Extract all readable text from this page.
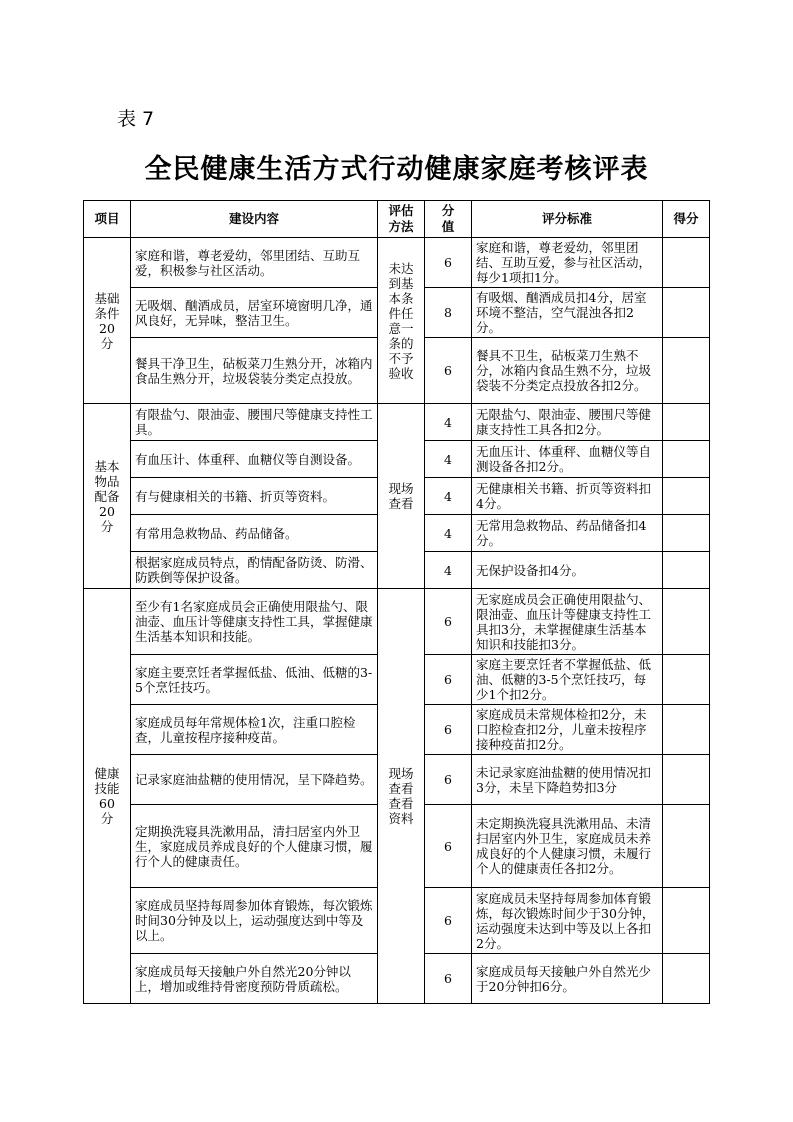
表 7
全民健康生活方式行动健康家庭考核评表
项目	建设内容	评估方法	分值	评分标准	得分
基础条件20分	家庭和谐，尊老爱幼，邻里团结、互助互爱，积极参与社区活动。	未达到基本条件任意一条的不予验收	6	家庭和谐，尊老爱幼，邻里团结、互助互爱，参与社区活动，每少1项扣1分。	
	无吸烟、酗酒成员，居室环境窗明几净，通风良好，无异味，整洁卫生。		8	有吸烟、酗酒成员扣4分，居室环境不整洁，空气混浊各扣2分。	
	餐具干净卫生，砧板菜刀生熟分开，冰箱内食品生熟分开，垃圾袋装分类定点投放。		6	餐具不卫生，砧板菜刀生熟不分，冰箱内食品生熟不分，垃圾袋装不分类定点投放各扣2分。	
基本物品配备20分	有限盐勺、限油壶、腰围尺等健康支持性工具。	现场查看	4	无限盐勺、限油壶、腰围尺等健康支持性工具各扣2分。	
	有血压计、体重秤、血糖仪等自测设备。		4	无血压计、体重秤、血糖仪等自测设备各扣2分。	
	有与健康相关的书籍、折页等资料。		4	无健康相关书籍、折页等资料扣4分。	
	有常用急救物品、药品储备。		4	无常用急救物品、药品储备扣4分。	
	根据家庭成员特点，酌情配备防烫、防滑、防跌倒等保护设备。		4	无保护设备扣4分。	
健康技能60分	至少有1名家庭成员会正确使用限盐勺、限油壶、血压计等健康支持性工具，掌握健康生活基本知识和技能。	现场查看查看资料	6	无家庭成员会正确使用限盐勺、限油壶、血压计等健康支持性工具扣3分，未掌握健康生活基本知识和技能扣3分。	
	家庭主要烹饪者掌握低盐、低油、低糖的3-5个烹饪技巧。		6	家庭主要烹饪者不掌握低盐、低油、低糖的3-5个烹饪技巧，每少1个扣2分。	
	家庭成员每年常规体检1次，注重口腔检查，儿童按程序接种疫苗。		6	家庭成员未常规体检扣2分，未口腔检查扣2分，儿童未按程序接种疫苗扣2分。	
	记录家庭油盐糖的使用情况，呈下降趋势。		6	未记录家庭油盐糖的使用情况扣3分，未呈下降趋势扣3分	
	定期换洗寝具洗漱用品，清扫居室内外卫生，家庭成员养成良好的个人健康习惯，履行个人的健康责任。		6	未定期换洗寝具洗漱用品、未清扫居室内外卫生，家庭成员未养成良好的个人健康习惯，未履行个人的健康责任各扣2分。	
	家庭成员坚持每周参加体育锻炼，每次锻炼时间30分钟及以上，运动强度达到中等及以上。		6	家庭成员未坚持每周参加体育锻炼，每次锻炼时间少于30分钟，运动强度未达到中等及以上各扣2分。	
	家庭成员每天接触户外自然光20分钟以上，增加或维持骨密度预防骨质疏松。		6	家庭成员每天接触户外自然光少于20分钟扣6分。	
